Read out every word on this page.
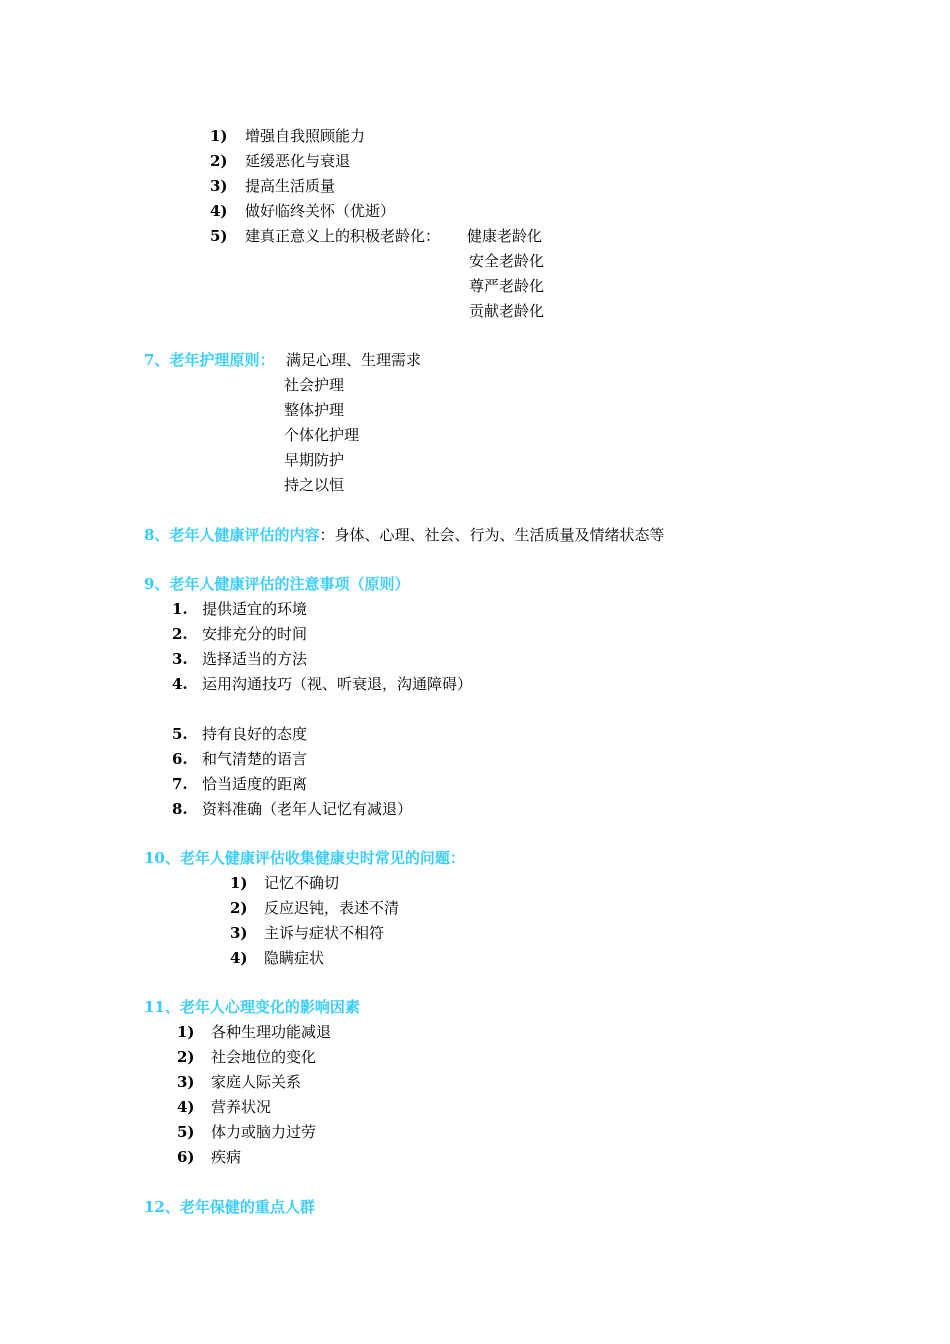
1) 增强自我照顾能力
2) 延缓恶化与衰退
3) 提高生活质量
4) 做好临终关怀（优逝）
5) 建真正意义上的积极老龄化： 健康老龄化
安全老龄化
尊严老龄化
贡献老龄化
7、老年护理原则： 满足心理、生理需求
社会护理
整体护理
个体化护理
早期防护
持之以恒
8、老年人健康评估的内容：身体、心理、社会、行为、生活质量及情绪状态等
9、老年人健康评估的注意事项（原则）
1. 提供适宜的环境
2. 安排充分的时间
3. 选择适当的方法
4. 运用沟通技巧（视、听衰退，沟通障碍）
5. 持有良好的态度
6. 和气清楚的语言
7. 恰当适度的距离
8. 资料准确（老年人记忆有减退）
10、老年人健康评估收集健康史时常见的问题：
1) 记忆不确切
2) 反应迟钝，表述不清
3) 主诉与症状不相符
4) 隐瞒症状
11、老年人心理变化的影响因素
1) 各种生理功能减退
2) 社会地位的变化
3) 家庭人际关系
4) 营养状况
5) 体力或脑力过劳
6) 疾病
12、老年保健的重点人群
